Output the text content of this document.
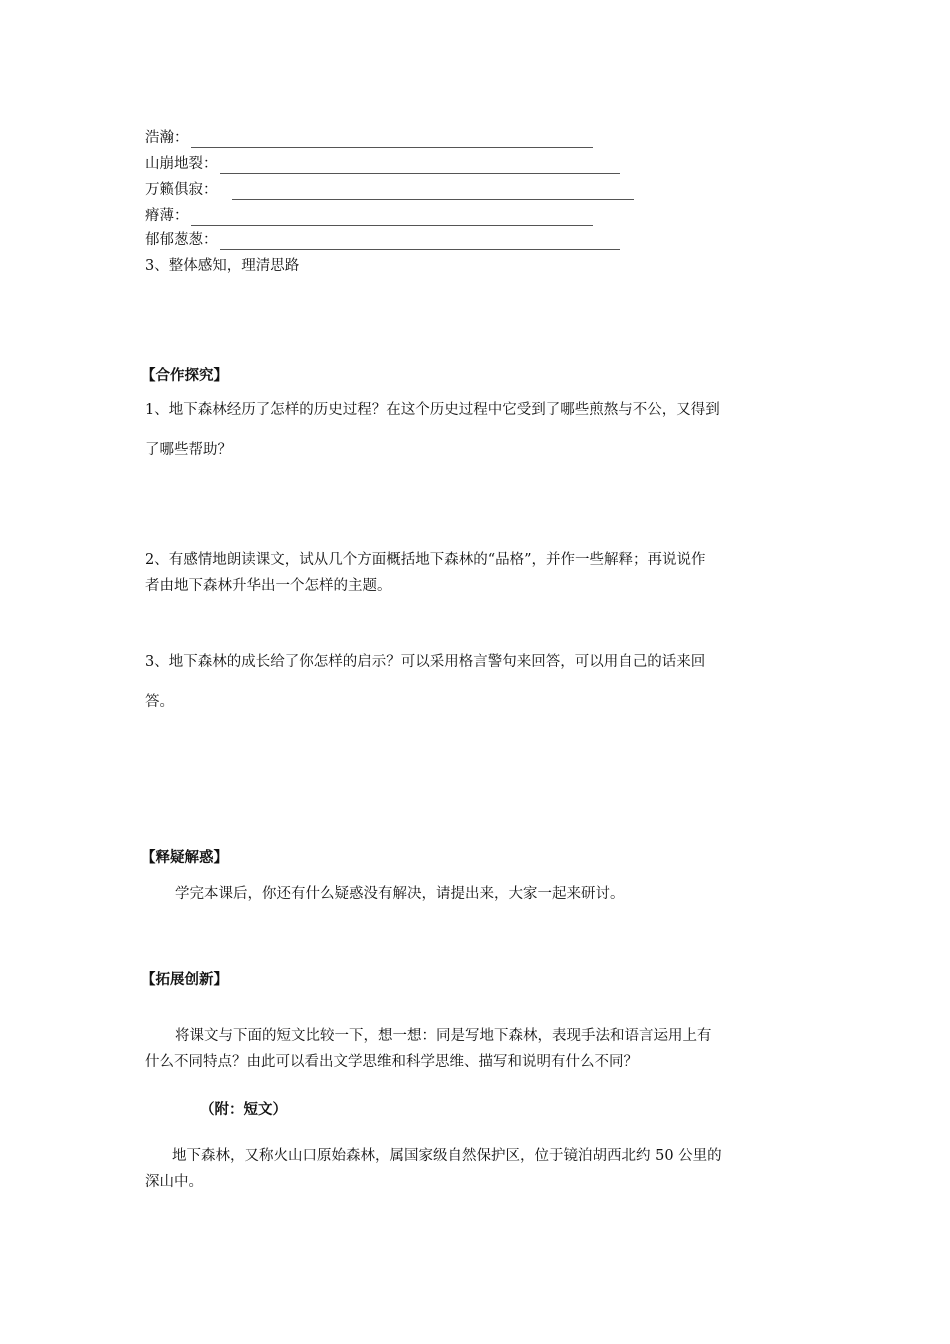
浩瀚：
山崩地裂：
万籁俱寂：
瘠薄：
郁郁葱葱：
3、整体感知，理清思路
【合作探究】
1、地下森林经历了怎样的历史过程？在这个历史过程中它受到了哪些煎熬与不公，又得到
了哪些帮助？
2、有感情地朗读课文，试从几个方面概括地下森林的“品格”，并作一些解释；再说说作
者由地下森林升华出一个怎样的主题。
3、地下森林的成长给了你怎样的启示？可以采用格言警句来回答，可以用自己的话来回
答。
【释疑解惑】
学完本课后，你还有什么疑惑没有解决，请提出来，大家一起来研讨。
【拓展创新】
将课文与下面的短文比较一下，想一想：同是写地下森林，表现手法和语言运用上有
什么不同特点？由此可以看出文学思维和科学思维、描写和说明有什么不同？
（附：短文）
地下森林，又称火山口原始森林，属国家级自然保护区，位于镜泊胡西北约 50 公里的
深山中。
